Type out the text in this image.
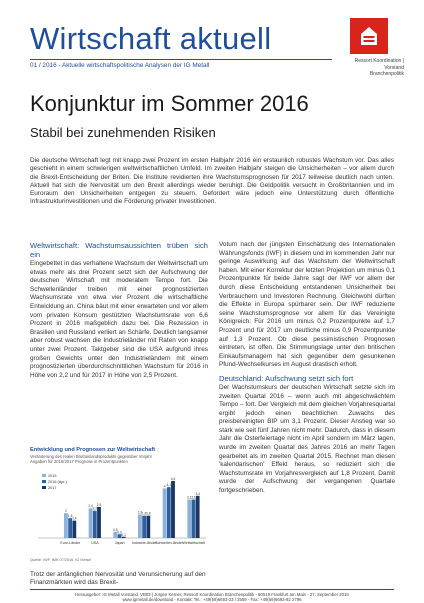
Wirtschaft aktuell
01 / 2016 - Aktuelle wirtschaftspolitische Analysen der IG Metall
Ressort Koordination | Vorstand
Branchenpolitik
Konjunktur im Sommer 2016
Stabil bei zunehmenden Risiken
Die deutsche Wirtschaft legt mit knapp zwei Prozent im ersten Halbjahr 2016 ein erstaunlich robustes Wachstum vor. Das alles geschieht in einem schwierigen weltwirtschaftlichen Umfeld. Im zweiten Halbjahr steigen die Unsicherheiten – vor allem durch die Brexit-Entscheidung der Briten. Die Institute revidierten ihre Wachstumsprognosen für 2017 teilweise deutlich nach unten. Aktuell hat sich die Nervosität um den Brexit allerdings wieder beruhigt. Die Geldpolitik versucht in Großbritannien und im Euroraum den Unsicherheiten entgegen zu steuern. Gefordert wäre jedoch eine Unterstützung durch öffentliche Infrastrukturinvestitionen und die Förderung privater Investitionen.
Weltwirtschaft: Wachstumsaussichten trüben sich ein

Eingebettet in das verhaltene Wachstum der Weltwirtschaft um etwas mehr als drei Prozent setzt sich der Aufschwung der deutschen Wirtschaft mit moderatem Tempo fort. Die Schwellenländer treiben mit einer prognostizierten Wachsumsrate von etwa vier Prozent die wirtschaftliche Entwicklung an. China bäut mit einer erwarteten und vor allem vom privaten Konsum gestützten Wachstumsrate von 6,6 Prozent in 2016 maßgeblich dazu bei. Die Rezession in Brasilien und Russland verliert an Schärfe. Deutlich langsamer aber robust wachsen die Industrieländer mit Raten von knapp unter zwei Prozent. Taktgeber sind die USA aufgrund ihres großen Gewichts unter den Industrieländern mit einem prognostizierten überdurchschnittlichen Wachstum für 2016 in Höhe von 2,2 und für 2017 in Höhe von 2,5 Prozent.

Entwicklung und Prognosen zur Weltwirtschaft
Veränderung des realen Bruttoinlandsprodukts gegenüber Vorjahr
Angaben für 2016/2017 Prognose in Prozentpunkten
2
1,6
1,4
Euro-Länder
2,4
2,2
2,5
USA
0,5
0,3
0,1
Japan
1,9 1,8 1,8
Industrie-länder
4 4,1
4,6
Schwellen-länder
3,1 3,1
3,4
Weltwirtschaft
2015
2016 (Apr.)
2017
Quelle: IWF, IMK 07/2016, IG Metall
Trotz der anfänglichen Nervosität und Verunsicherung auf den Finanzmärkten wird das Brexit-

Votum nach der jüngsten Einschätzung des Internationalen Währungsfonds (IWF) in diesem und im kommenden Jahr nur geringe Auswirkung auf das Wachstum der Weltwirtschaft haben. Mit einer Korrektur der letzten Projektion um minus 0,1 Prozentpunkte für beide Jahre sagt der IWF vor allem der durch diese Entscheidung entstandenen Unsicherheit bei Verbrauchern und Investoren Rechnung. Gleichwohl dürften die Effekte in Europa spürbarer sein. Der IWF reduzierte seine Wachstumsprognose vor allem für das Vereinigte Königreich: Für 2016 um minus 0,2 Prozentpunkte auf 1,7 Prozent und für 2017 um deutliche minus 0,9 Prozentpunkte auf 1,3 Prozent. Ob diese pessimistischen Prognosen eintreten, ist offen. Die Stimmungslage unter den britischen Einkaufsmanagern hat sich gegenüber dem gesunkenen Pfund-Wechselkurses im August drastisch erholt.

Deutschland: Aufschwung setzt sich fort

Der Wachstumskurs der deutschen Wirtschaft setzte sich im zweiten Quartal 2016 – wenn auch mit abgeschwächtem Tempo – fort. Der Vergleich mit dem gleichen Vorjahresquartal ergibt jedoch einen beachtlichen Zuwachs des preisbereinigten BIP um 3,1 Prozent. Dieser Anstieg war so stark wie seit fünf Jahren nicht mehr. Dadurch, dass in diesem Jahr die Osterfeiertage nicht im April sondern im März lagen, wurde im zweiten Quartal des Jahres 2016 an mehr Tagen gearbeitet als im zweiten Quartal 2015. Rechnet man diesen 'kalendarischen' Effekt heraus, so reduziert sich die Wachstumsrate im Vorjahresvergleich auf 1,8 Prozent. Damit wurde der Aufschwung der vergangenen Quartale fortgeschrieben.

Herausgeber: IG Metall Vorstand, VB03 | Jürgen Kerner, Ressort Koordination Branchenpolitik - 60519 Frankfurt am Main - 27. September 2016
www.igmetall.de/download - Kontakt: Tel.: +49(69)6693-23 / 2559 - Fax: +49(69)6693-82 2796
